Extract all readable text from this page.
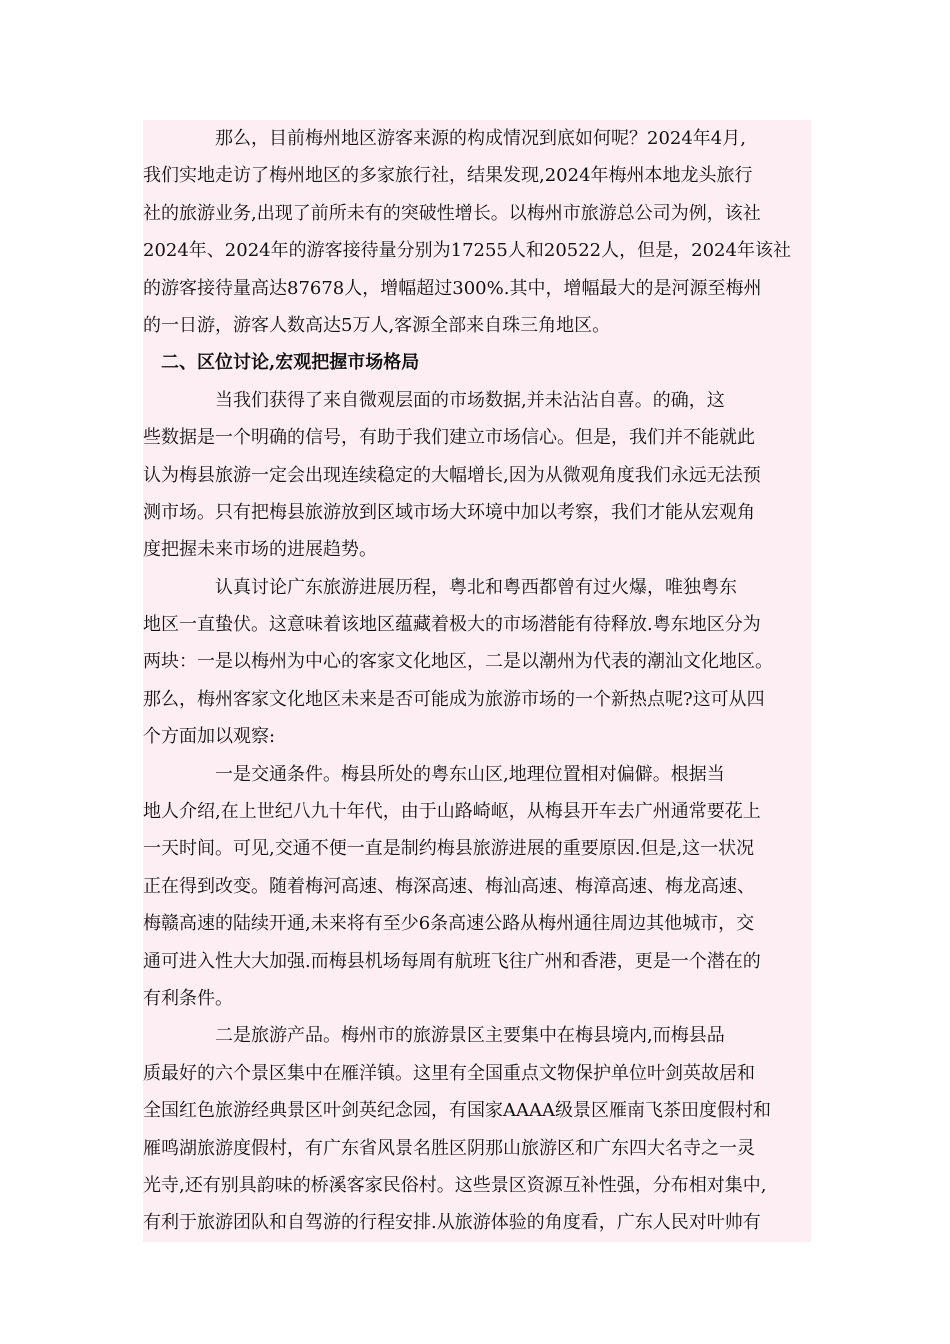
　　　　那么，目前梅州地区游客来源的构成情况到底如何呢？2024年4月,
我们实地走访了梅州地区的多家旅行社，结果发现,2024年梅州本地龙头旅行
社的旅游业务,出现了前所未有的突破性增长。以梅州市旅游总公司为例，该社
2024年、2024年的游客接待量分别为17255人和20522人，但是，2024年该社
的游客接待量高达87678人，增幅超过300%.其中，增幅最大的是河源至梅州
的一日游，游客人数高达5万人,客源全部来自珠三角地区。
　二、区位讨论,宏观把握市场格局
　　　　当我们获得了来自微观层面的市场数据,并未沾沾自喜。的确，这
些数据是一个明确的信号，有助于我们建立市场信心。但是，我们并不能就此
认为梅县旅游一定会出现连续稳定的大幅增长,因为从微观角度我们永远无法预
测市场。只有把梅县旅游放到区域市场大环境中加以考察，我们才能从宏观角
度把握未来市场的进展趋势。
　　　　认真讨论广东旅游进展历程，粤北和粤西都曾有过火爆，唯独粤东
地区一直蛰伏。这意味着该地区蕴藏着极大的市场潜能有待释放.粤东地区分为
两块：一是以梅州为中心的客家文化地区，二是以潮州为代表的潮汕文化地区。
那么，梅州客家文化地区未来是否可能成为旅游市场的一个新热点呢?这可从四
个方面加以观察:
　　　　一是交通条件。梅县所处的粤东山区,地理位置相对偏僻。根据当
地人介绍,在上世纪八九十年代，由于山路崎岖，从梅县开车去广州通常要花上
一天时间。可见,交通不便一直是制约梅县旅游进展的重要原因.但是,这一状况
正在得到改变。随着梅河高速、梅深高速、梅汕高速、梅漳高速、梅龙高速、
梅赣高速的陆续开通,未来将有至少6条高速公路从梅州通往周边其他城市，交
通可进入性大大加强.而梅县机场每周有航班飞往广州和香港，更是一个潜在的
有利条件。
　　　　二是旅游产品。梅州市的旅游景区主要集中在梅县境内,而梅县品
质最好的六个景区集中在雁洋镇。这里有全国重点文物保护单位叶剑英故居和
全国红色旅游经典景区叶剑英纪念园，有国家AAAA级景区雁南飞茶田度假村和
雁鸣湖旅游度假村，有广东省风景名胜区阴那山旅游区和广东四大名寺之一灵
光寺,还有别具韵味的桥溪客家民俗村。这些景区资源互补性强，分布相对集中,
有利于旅游团队和自驾游的行程安排.从旅游体验的角度看，广东人民对叶帅有
